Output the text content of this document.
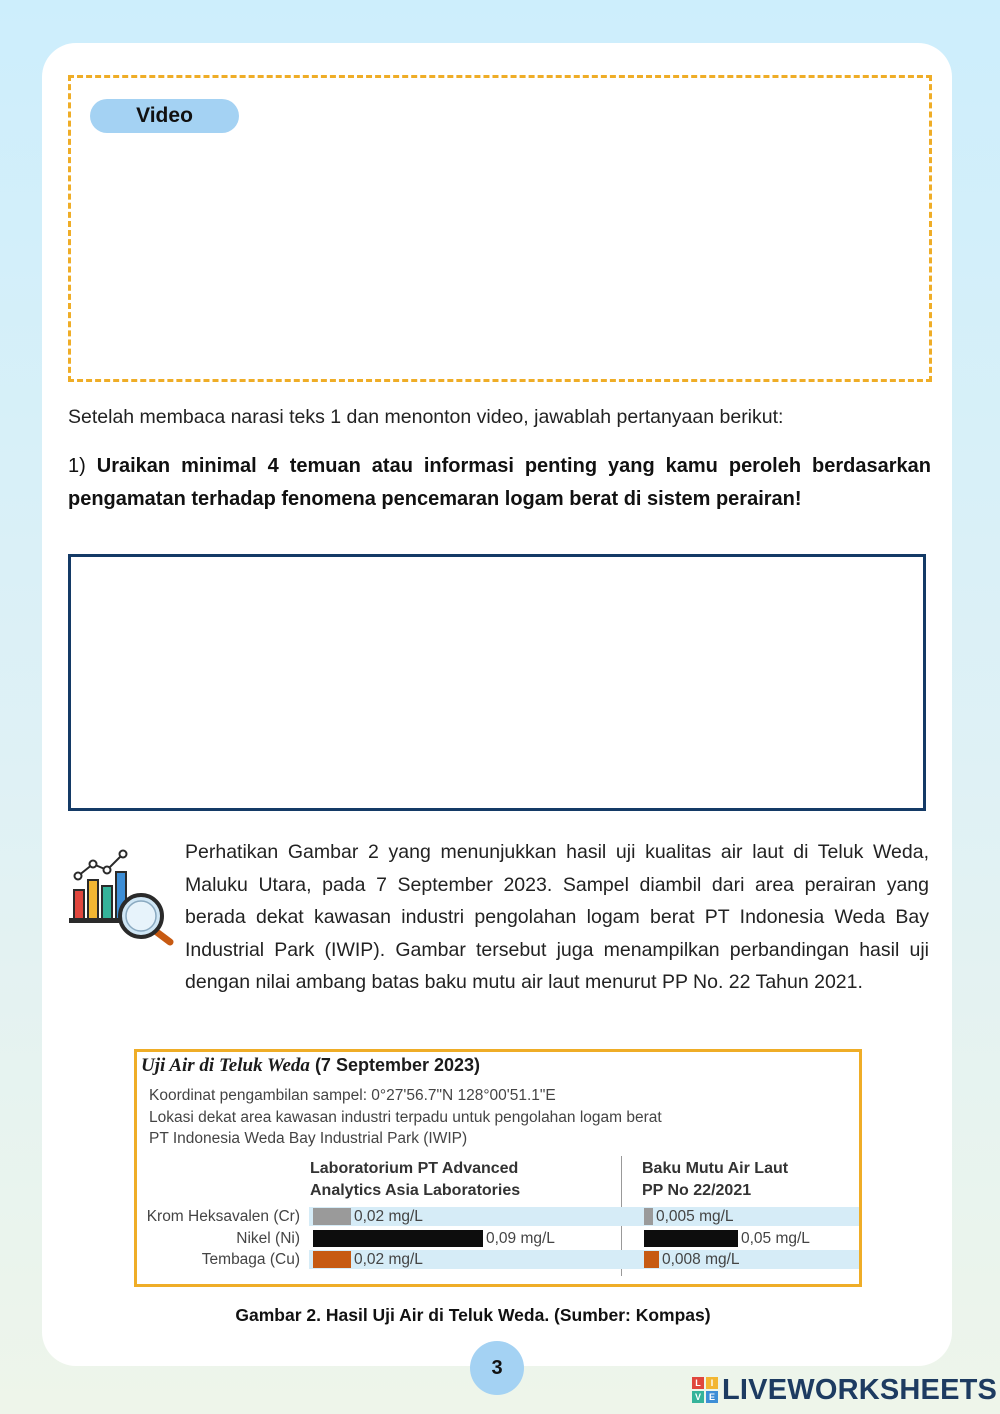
Video
Setelah membaca narasi teks 1 dan menonton video, jawablah pertanyaan berikut:
1) Uraikan minimal 4 temuan atau informasi penting yang kamu peroleh berdasarkan pengamatan terhadap fenomena pencemaran logam berat di sistem perairan!
Perhatikan Gambar 2 yang menunjukkan hasil uji kualitas air laut di Teluk Weda, Maluku Utara, pada 7 September 2023. Sampel diambil dari area perairan yang berada dekat kawasan industri pengolahan logam berat PT Indonesia Weda Bay Industrial Park (IWIP). Gambar tersebut juga menampilkan perbandingan hasil uji dengan nilai ambang batas baku mutu air laut menurut PP No. 22 Tahun 2021.
Uji Air di Teluk Weda (7 September 2023)
Koordinat pengambilan sampel: 0°27'56.7"N 128°00'51.1"E
Lokasi dekat area kawasan industri terpadu untuk pengolahan logam berat
PT Indonesia Weda Bay Industrial Park (IWIP)
Laboratorium PT Advanced
Analytics Asia Laboratories
Baku Mutu Air Laut
PP No 22/2021
Krom Heksavalen (Cr)	0,02 mg/L	0,005 mg/L
Nikel (Ni)	0,09 mg/L	0,05 mg/L
Tembaga (Cu)	0,02 mg/L	0,008 mg/L
Gambar 2. Hasil Uji Air di Teluk Weda. (Sumber: Kompas)
3
L	I
V E LIVEWORKSHEETS
